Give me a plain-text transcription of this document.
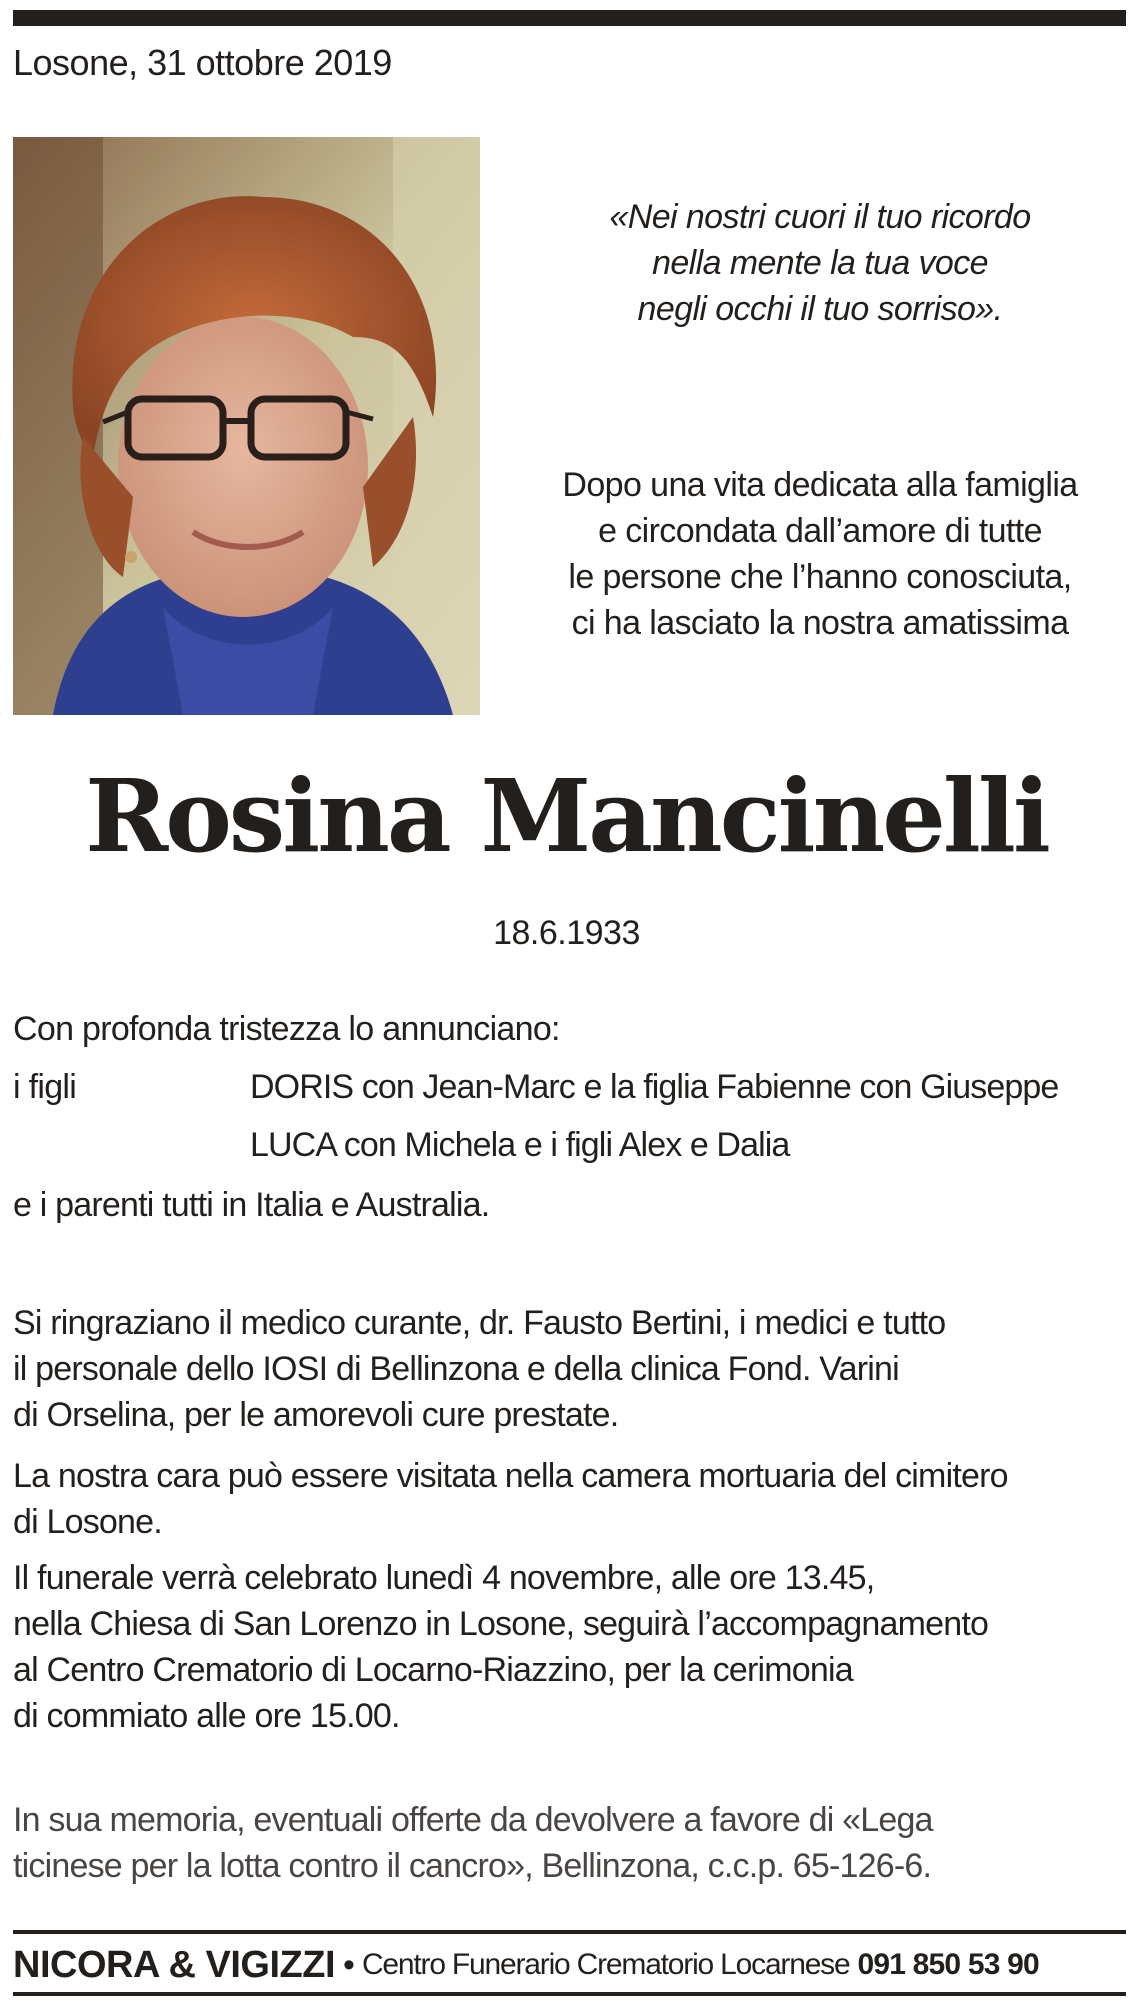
Losone, 31 ottobre 2019
«Nei nostri cuori il tuo ricordo
nella mente la tua voce
negli occhi il tuo sorriso».
Dopo una vita dedicata alla famiglia
e circondata dall’amore di tutte
le persone che l’hanno conosciuta,
ci ha lasciato la nostra amatissima
Rosina Mancinelli
18.6.1933
Con profonda tristezza lo annunciano:
i figli	DORIS con Jean-Marc e la figlia Fabienne con Giuseppe
LUCA con Michela e i figli Alex e Dalia
e i parenti tutti in Italia e Australia.
Si ringraziano il medico curante, dr. Fausto Bertini, i medici e tutto
il personale dello IOSI di Bellinzona e della clinica Fond. Varini
di Orselina, per le amorevoli cure prestate.
La nostra cara può essere visitata nella camera mortuaria del cimitero
di Losone.
Il funerale verrà celebrato lunedì 4 novembre, alle ore 13.45,
nella Chiesa di San Lorenzo in Losone, seguirà l’accompagnamento
al Centro Crematorio di Locarno-Riazzino, per la cerimonia
di commiato alle ore 15.00.
In sua memoria, eventuali offerte da devolvere a favore di «Lega
ticinese per la lotta contro il cancro», Bellinzona, c.c.p. 65-126-6.
NICORA & VIGIZZI • Centro Funerario Crematorio Locarnese 091 850 53 90
